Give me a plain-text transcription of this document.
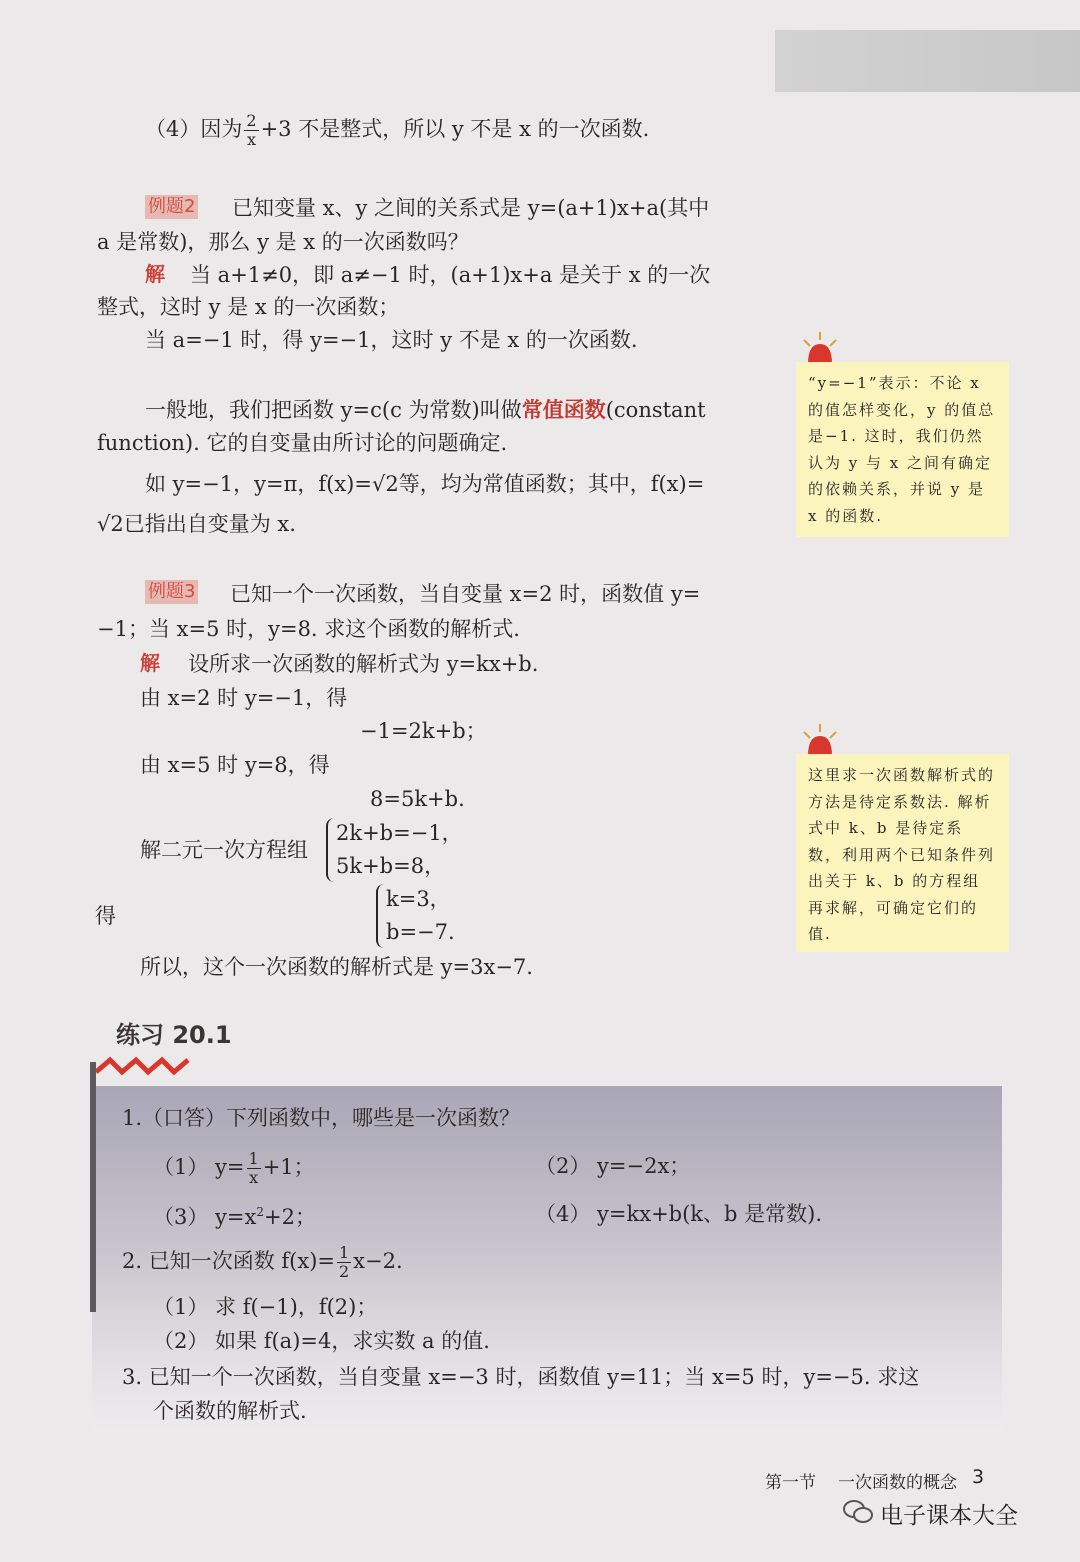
（4）因为 $\frac{2}{x} +3$ 不是整式，所以 y 不是 x 的一次函数.
例题2 已知变量 x、y 之间的关系式是 y=(a+1)x+a(其中
a 是常数)，那么 y 是 x 的一次函数吗？
解 当 a+1≠0，即 a≠−1 时，(a+1)x+a 是关于 x 的一次
整式，这时 y 是 x 的一次函数；
当 a=−1 时，得 y=−1，这时 y 不是 x 的一次函数.
一般地，我们把函数 y=c(c 为常数)叫做常值函数(constant
function). 它的自变量由所讨论的问题确定.
如 y=−1，y=π，f(x)=√2等，均为常值函数；其中，f(x)=
√2已指出自变量为 x.
例题3 已知一个一次函数，当自变量 x=2 时，函数值 y=
−1；当 x=5 时，y=8. 求这个函数的解析式.
解 设所求一次函数的解析式为 y=kx+b.
由 x=2 时 y=−1，得
−1=2k+b；
由 x=5 时 y=8，得
8=5k+b.
解二元一次方程组
2k+b=−1，
5k+b=8，
得
k=3，
b=−7.
所以，这个一次函数的解析式是 y=3x−7.
“y=−1”表示：不论 x 的值怎样变化，y 的值总是−1. 这时，我们仍然认为 y 与 x 之间有确定的依赖关系，并说 y 是 x 的函数.
这里求一次函数解析式的方法是待定系数法. 解析式中 k、b 是待定系数，利用两个已知条件列出关于 k、b 的方程组再求解，可确定它们的值.
练习 20.1
1.（口答）下列函数中，哪些是一次函数？
（1） $y= \frac{1}{x} +1$；	（2） y=−2x；
（3） $y=x^2+2$；	（4） y=kx+b(k、b 是常数).
2. 已知一次函数 $f(x)= \frac{1}{2} x-2$.
（1） 求 f(−1)，f(2)；
（2） 如果 f(a)=4，求实数 a 的值.
3. 已知一个一次函数，当自变量 x=−3 时，函数值 y=11；当 x=5 时，y=−5. 求这
个函数的解析式.
第一节 一次函数的概念 3
电子课本大全
